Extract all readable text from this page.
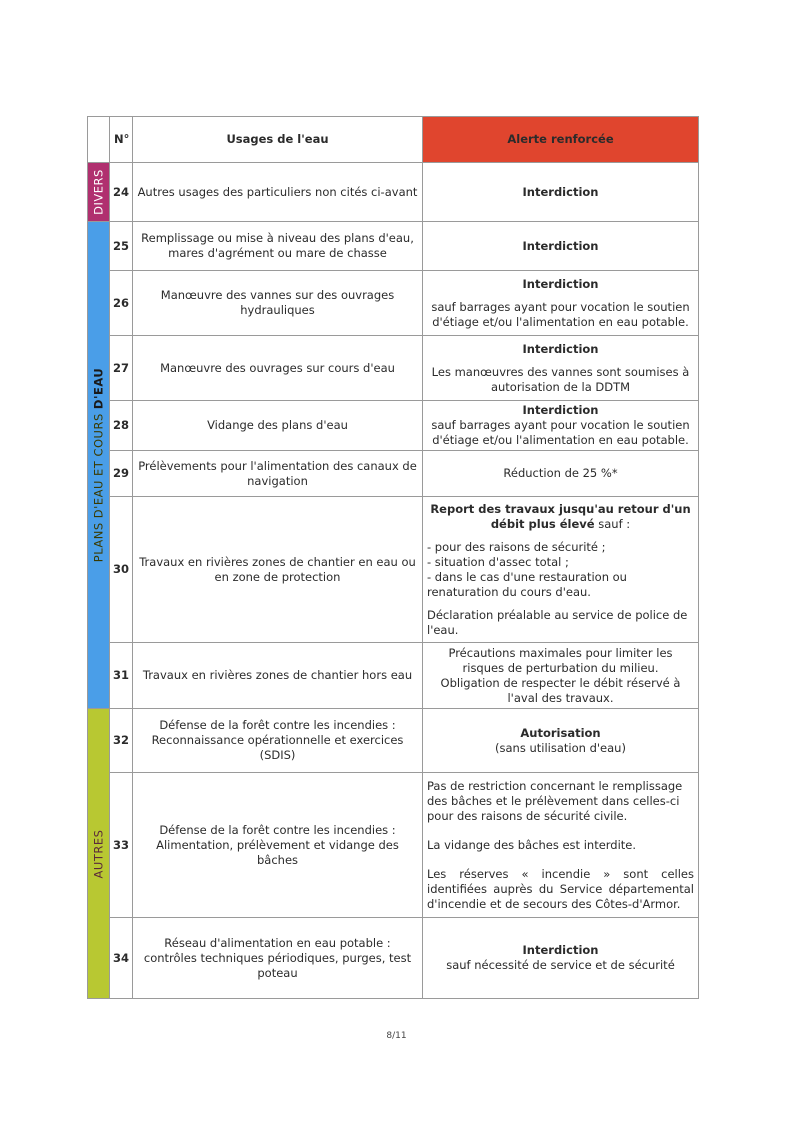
	N°	Usages de l'eau	Alerte renforcée

DIVERS	24	Autres usages des particuliers non cités ci-avant	Interdiction

PLANS D'EAU ET COURS D'EAU	25	Remplissage ou mise à niveau des plans d'eau, mares d'agrément ou mare de chasse	Interdiction
	26	Manœuvre des vannes sur des ouvrages hydrauliques	Interdiction

sauf barrages ayant pour vocation le soutien d'étiage et/ou l'alimentation en eau potable.

	27	Manœuvre des ouvrages sur cours d'eau	Interdiction

Les manœuvres des vannes sont soumises à autorisation de la DDTM

	28	Vidange des plans d'eau	Interdiction

sauf barrages ayant pour vocation le soutien d'étiage et/ou l'alimentation en eau potable.

	29	Prélèvements pour l'alimentation des canaux de navigation	Réduction de 25 %*
	30	Travaux en rivières zones de chantier en eau ou en zone de protection	Report des travaux jusqu'au retour d'un débit plus élevé sauf :

- pour des raisons de sécurité ;

- situation d'assec total ;

- dans le cas d'une restauration ou renaturation du cours d'eau.

Déclaration préalable au service de police de l'eau.

	31	Travaux en rivières zones de chantier hors eau	Précautions maximales pour limiter les risques de perturbation du milieu.

Obligation de respecter le débit réservé à l'aval des travaux.

AUTRES	32	Défense de la forêt contre les incendies : Reconnaissance opérationnelle et exercices (SDIS)	Autorisation

(sans utilisation d'eau)

	33	Défense de la forêt contre les incendies : Alimentation, prélèvement et vidange des bâches	Pas de restriction concernant le remplissage des bâches et le prélèvement dans celles-ci pour des raisons de sécurité civile.

La vidange des bâches est interdite.

Les réserves « incendie » sont celles identifiées auprès du Service départemental d'incendie et de secours des Côtes-d'Armor.

	34	Réseau d'alimentation en eau potable : contrôles techniques périodiques, purges, test poteau	Interdiction

sauf nécessité de service et de sécurité

8/11
